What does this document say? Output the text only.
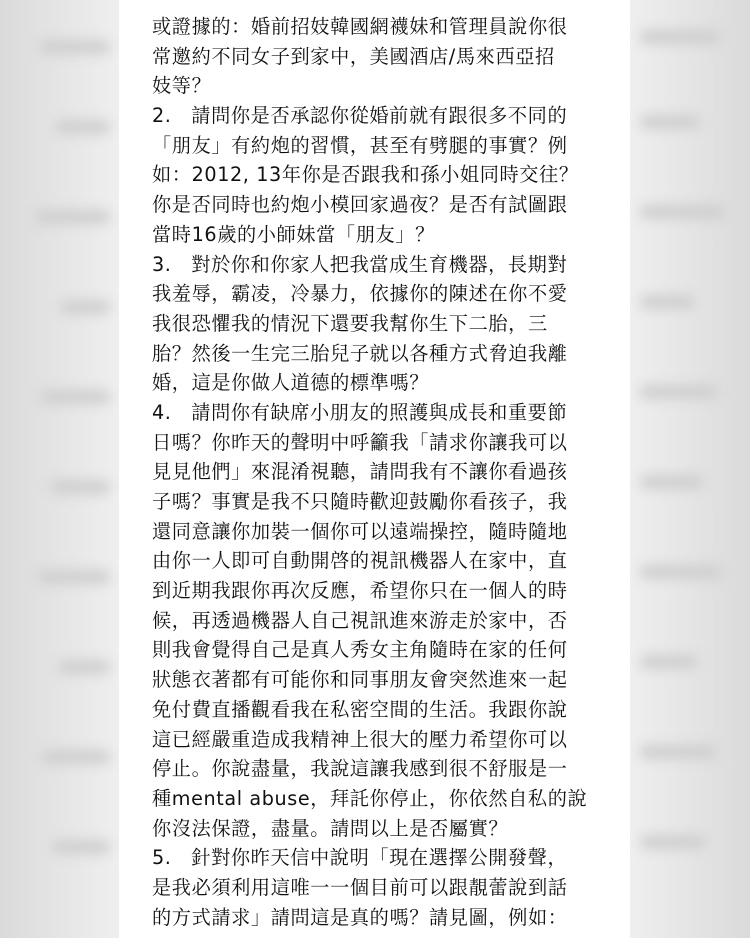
或證據的：婚前招妓韓國網襪妹和管理員說你很
常邀約不同女子到家中，美國酒店/馬來西亞招
妓等？
2.　請問你是否承認你從婚前就有跟很多不同的
「朋友」有約炮的習慣，甚至有劈腿的事實？例
如：2012, 13年你是否跟我和孫小姐同時交往？
你是否同時也約炮小模回家過夜？是否有試圖跟
當時16歲的小師妹當「朋友」？
3.　對於你和你家人把我當成生育機器，長期對
我羞辱，霸凌，冷暴力，依據你的陳述在你不愛
我很恐懼我的情況下還要我幫你生下二胎，三
胎？然後一生完三胎兒子就以各種方式脅迫我離
婚，這是你做人道德的標準嗎？
4.　請問你有缺席小朋友的照護與成長和重要節
日嗎？你昨天的聲明中呼籲我「請求你讓我可以
見見他們」來混淆視聽，請問我有不讓你看過孩
子嗎？事實是我不只隨時歡迎鼓勵你看孩子，我
還同意讓你加裝一個你可以遠端操控，隨時隨地
由你一人即可自動開啓的視訊機器人在家中，直
到近期我跟你再次反應，希望你只在一個人的時
候，再透過機器人自己視訊進來游走於家中，否
則我會覺得自己是真人秀女主角隨時在家的任何
狀態衣著都有可能你和同事朋友會突然進來一起
免付費直播觀看我在私密空間的生活。我跟你說
這已經嚴重造成我精神上很大的壓力希望你可以
停止。你說盡量，我說這讓我感到很不舒服是一
種mental abuse，拜託你停止，你依然自私的說
你沒法保證，盡量。請問以上是否屬實？
5.　針對你昨天信中說明「現在選擇公開發聲，
是我必須利用這唯一一個目前可以跟靚蕾說到話
的方式請求」請問這是真的嗎？請見圖，例如：
